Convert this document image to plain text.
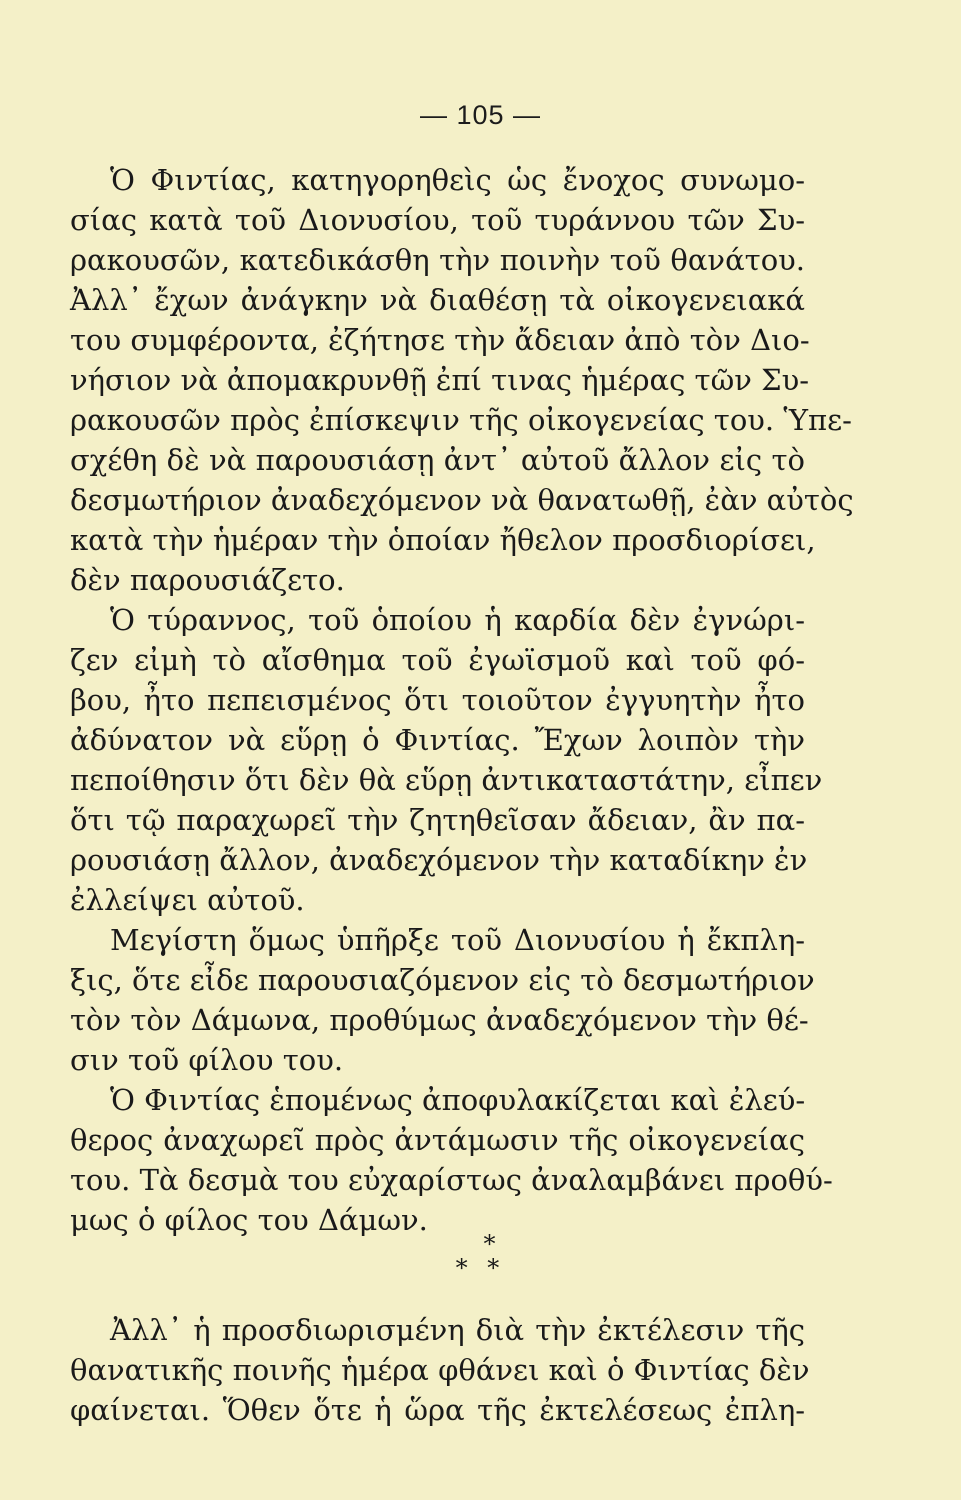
— 105 —

Ὁ Φιντίας, κατηγορηθεὶς ὡς ἔνοχος συνωμο-
σίας κατὰ τοῦ Διονυσίου, τοῦ τυράννου τῶν Συ-
ρακουσῶν, κατεδικάσθη τὴν ποινὴν τοῦ θανάτου.
Ἀλλ᾽ ἔχων ἀνάγκην νὰ διαθέσῃ τὰ οἰκογενειακά
του συμφέροντα, ἐζήτησε τὴν ἄδειαν ἀπὸ τὸν Διο-
νήσιον νὰ ἀπομακρυνθῇ ἐπί τινας ἡμέρας τῶν Συ-
ρακουσῶν πρὸς ἐπίσκεψιν τῆς οἰκογενείας του. Ὑπε-
σχέθη δὲ νὰ παρουσιάσῃ ἀντ᾽ αὐτοῦ ἄλλον εἰς τὸ
δεσμωτήριον ἀναδεχόμενον νὰ θανατωθῇ, ἐὰν αὐτὸς
κατὰ τὴν ἡμέραν τὴν ὁποίαν ἤθελον προσδιορίσει,
δὲν παρουσιάζετο.

Ὁ τύραννος, τοῦ ὁποίου ἡ καρδία δὲν ἐγνώρι-
ζεν εἰμὴ τὸ αἴσθημα τοῦ ἐγωϊσμοῦ καὶ τοῦ φό-
βου, ἦτο πεπεισμένος ὅτι τοιοῦτον ἐγγυητὴν ἦτο
ἀδύνατον νὰ εὕρῃ ὁ Φιντίας. Ἔχων λοιπὸν τὴν
πεποίθησιν ὅτι δὲν θὰ εὕρῃ ἀντικαταστάτην, εἶπεν
ὅτι τῷ παραχωρεῖ τὴν ζητηθεῖσαν ἄδειαν, ἂν πα-
ρουσιάσῃ ἄλλον, ἀναδεχόμενον τὴν καταδίκην ἐν
ἐλλείψει αὐτοῦ.

Μεγίστη ὅμως ὑπῆρξε τοῦ Διονυσίου ἡ ἔκπλη-
ξις, ὅτε εἶδε παρουσιαζόμενον εἰς τὸ δεσμωτήριον
τὸν τὸν Δάμωνα, προθύμως ἀναδεχόμενον τὴν θέ-
σιν τοῦ φίλου του.

Ὁ Φιντίας ἑπομένως ἀποφυλακίζεται καὶ ἐλεύ-
θερος ἀναχωρεῖ πρὸς ἀντάμωσιν τῆς οἰκογενείας
του. Τὰ δεσμὰ του εὐχαρίστως ἀναλαμβάνει προθύ-
μως ὁ φίλος του Δάμων.

*
* *

Ἀλλ᾽ ἡ προσδιωρισμένη διὰ τὴν ἐκτέλεσιν τῆς
θανατικῆς ποινῆς ἡμέρα φθάνει καὶ ὁ Φιντίας δὲν
φαίνεται. Ὅθεν ὅτε ἡ ὥρα τῆς ἐκτελέσεως ἐπλη-
